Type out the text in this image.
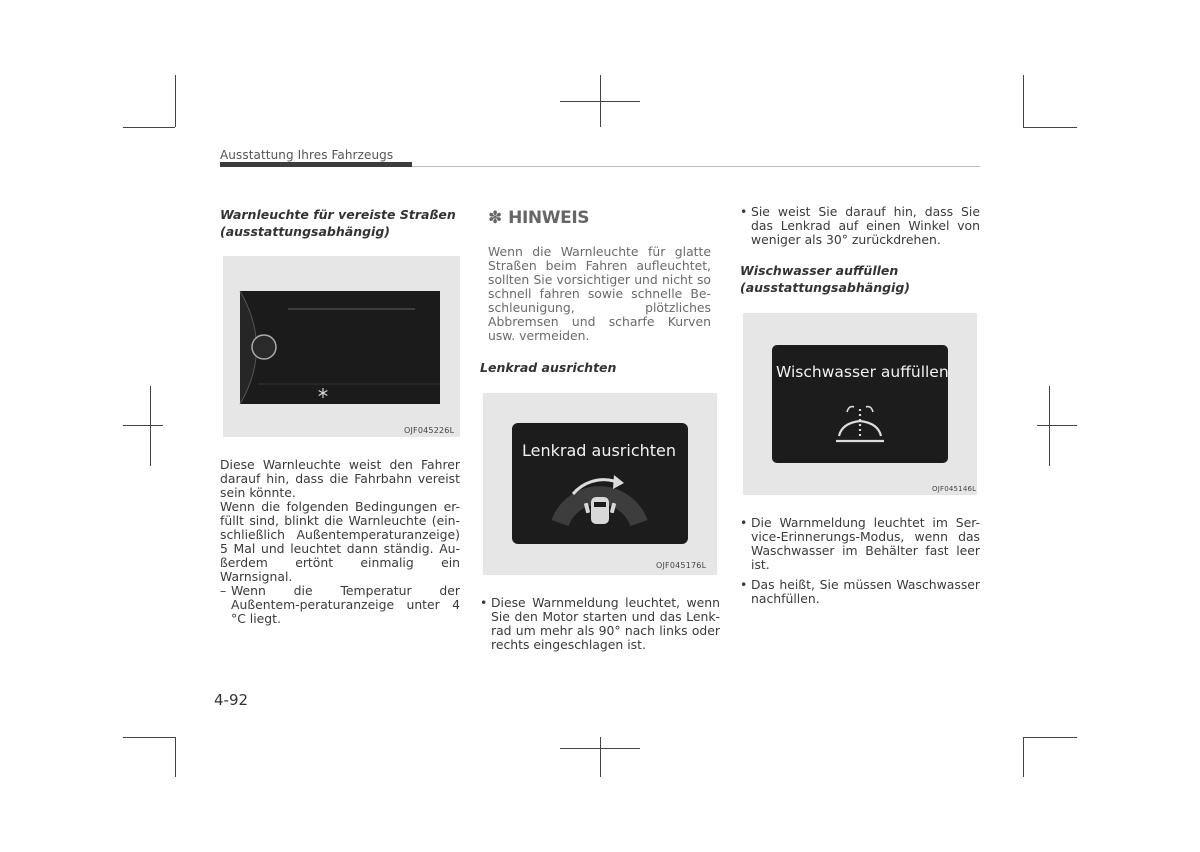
Ausstattung Ihres Fahrzeugs
Warnleuchte für vereiste Straßen (ausstattungsabhängig)
OJF045226L

Diese Warnleuchte weist den Fahrer darauf hin, dass die Fahrbahn vereist sein könnte.

Wenn die folgenden Bedingungen er-füllt sind, blinkt die Warnleuchte (ein-schließlich Außentemperaturanzeige) 5 Mal und leuchtet dann ständig. Au-ßerdem ertönt einmalig ein Warnsignal.

– Wenn die Temperatur der Außentem-peraturanzeige unter 4 °C liegt.

✽ HINWEIS
Wenn die Warnleuchte für glatte Straßen beim Fahren aufleuchtet, sollten Sie vorsichtiger und nicht so schnell fahren sowie schnelle Be-schleunigung, plötzliches Abbremsen und scharfe Kurven usw. vermeiden.
Lenkrad ausrichten
Lenkrad ausrichten
OJF045176L

• Diese Warnmeldung leuchtet, wenn Sie den Motor starten und das Lenk-rad um mehr als 90° nach links oder rechts eingeschlagen ist.

• Sie weist Sie darauf hin, dass Sie das Lenkrad auf einen Winkel von weniger als 30° zurückdrehen.

Wischwasser auffüllen (ausstattungsabhängig)
Wischwasser auffüllen
OJF045146L

• Die Warnmeldung leuchtet im Ser-vice-Erinnerungs-Modus, wenn das Waschwasser im Behälter fast leer ist.

• Das heißt, Sie müssen Waschwasser nachfüllen.

4-92
